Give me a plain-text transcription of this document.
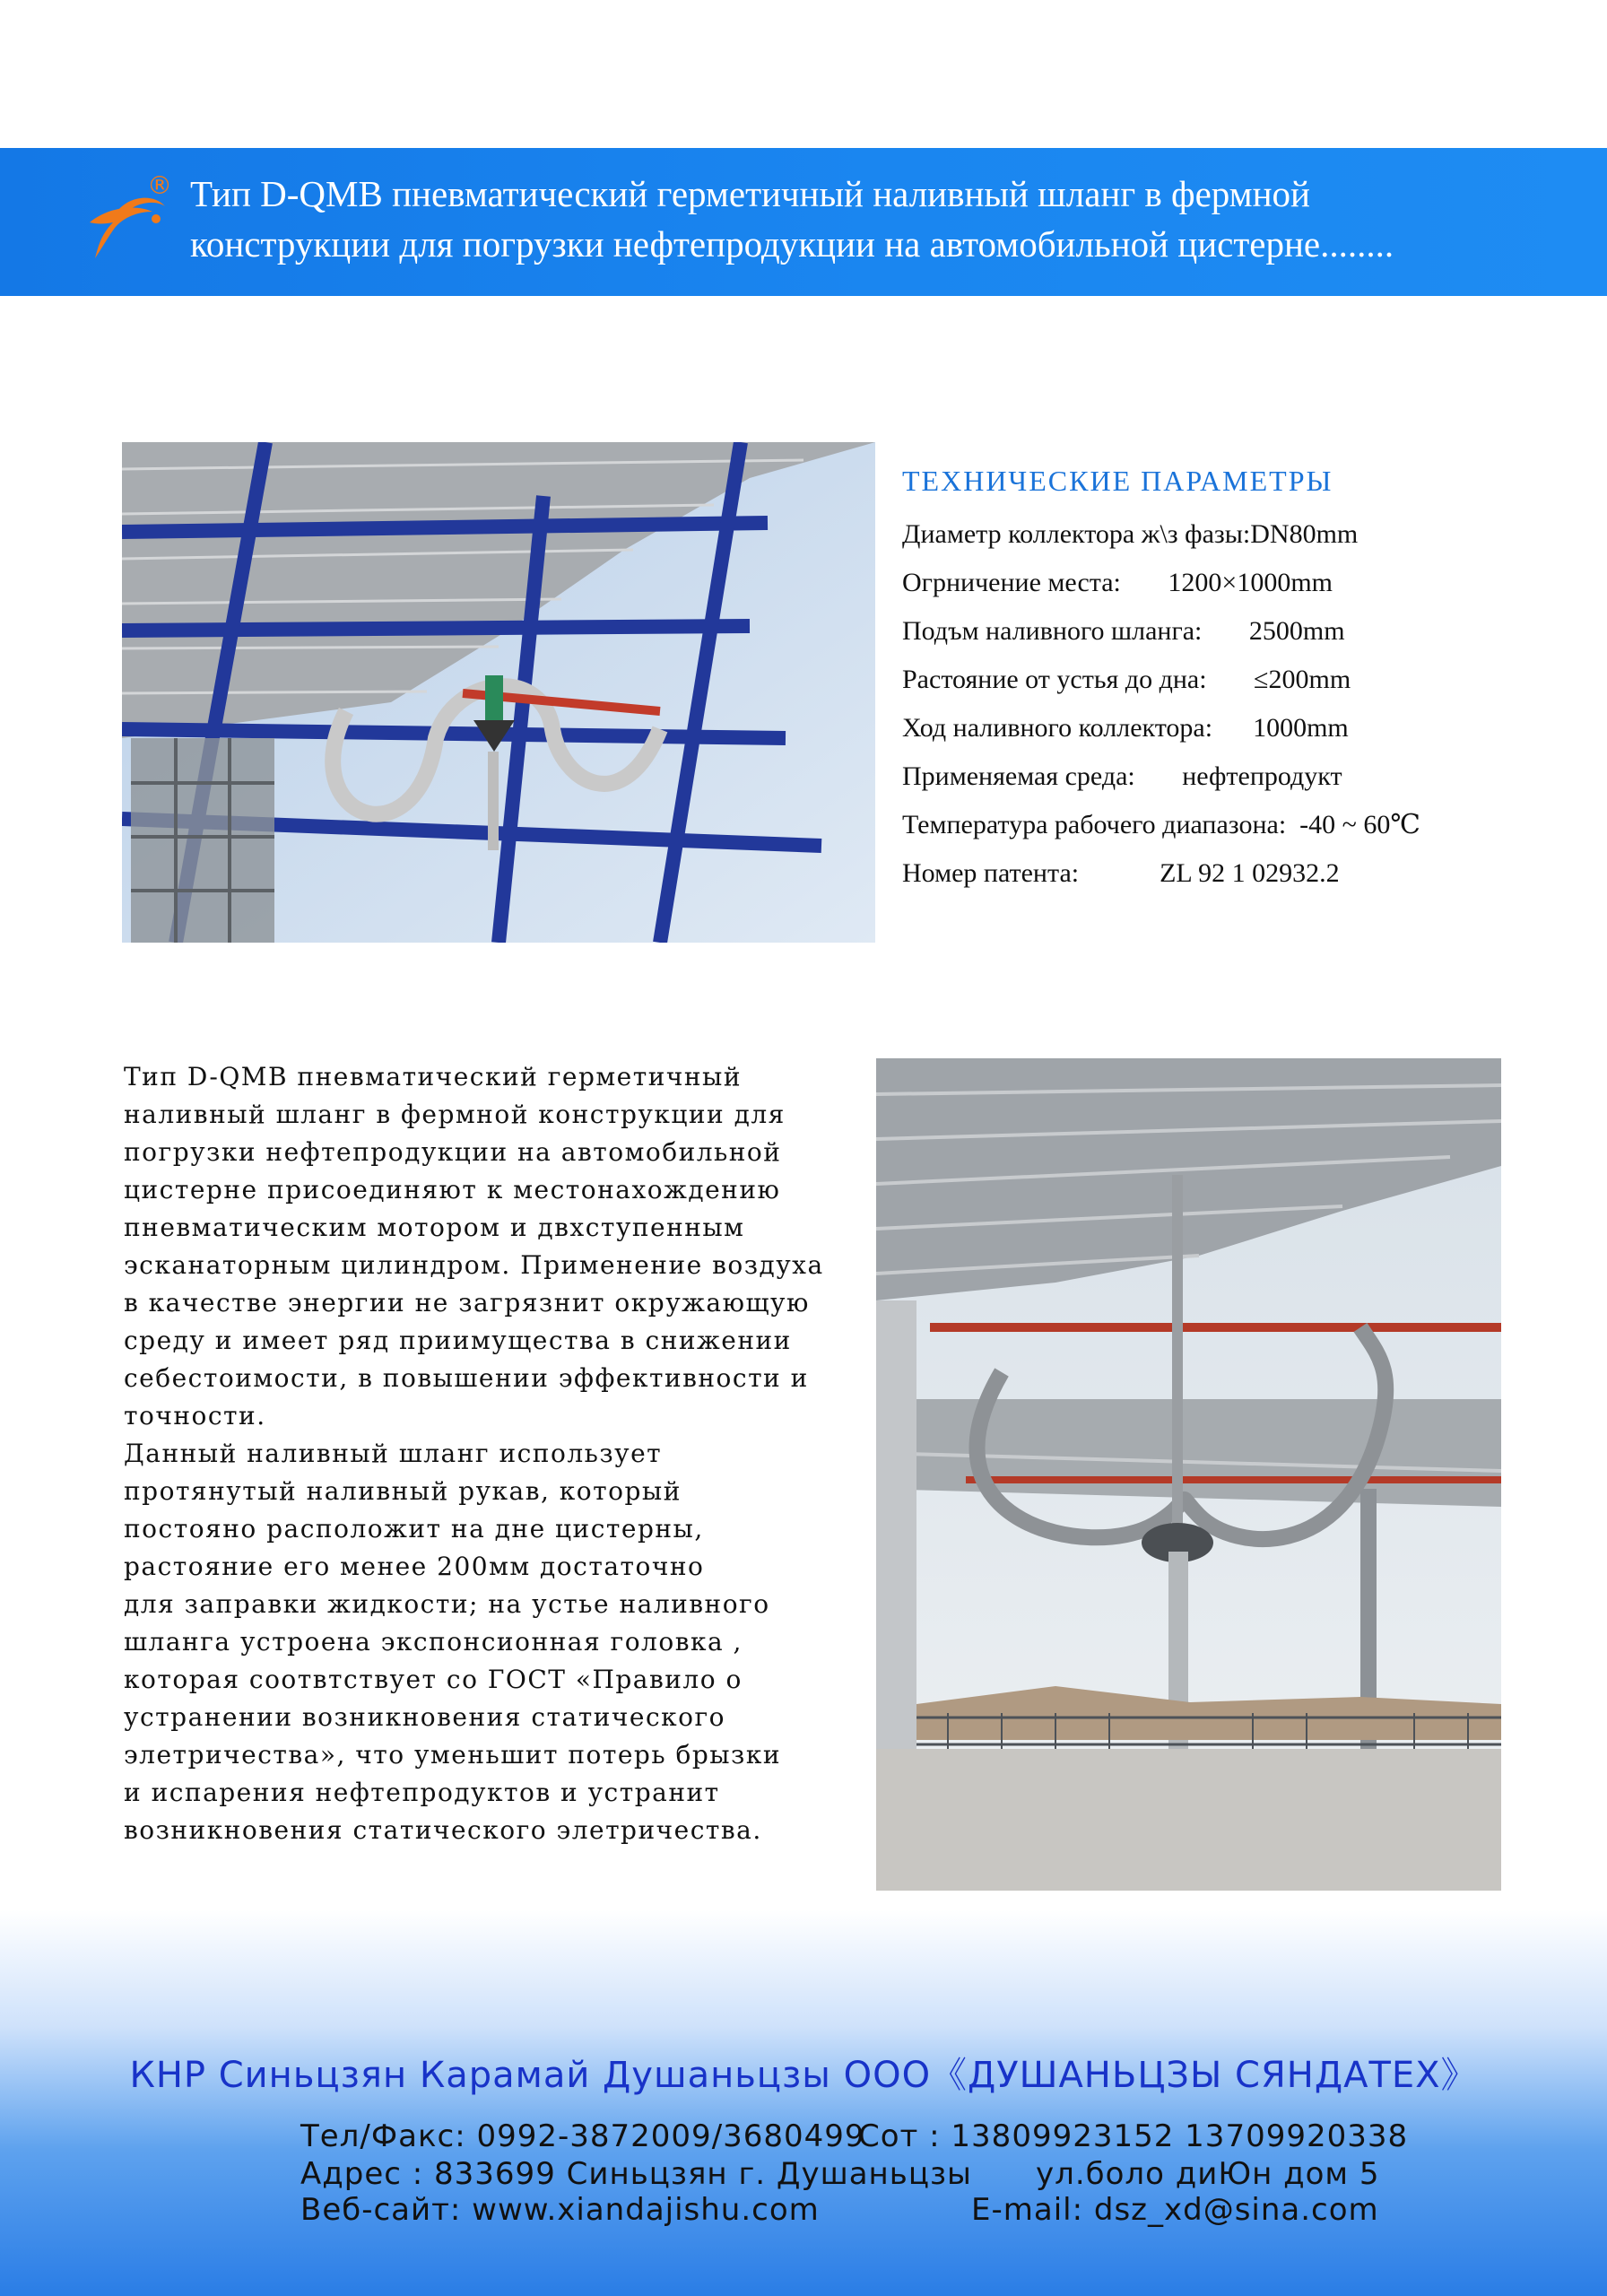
® Тип D-QMB пневматический герметичный наливный шланг в фермной
конструкции для погрузки нефтепродукции на автомобильной цистерне........
ТЕХНИЧЕСКИЕ ПАРАМЕТРЫ
Диаметр коллектора ж\з фазы:DN80mm
Огрничение места:       1200×1000mm
Подъм наливного шланга:       2500mm
Растояние от устья до дна:       ≤200mm
Ход наливного коллектора:      1000mm
Применяемая среда:       нефтепродукт
Температура рабочего диапазона:  -40 ~ 60℃
Номер патента:            ZL 92 1 02932.2
Тип D-QMB пневматический герметичный
наливный шланг в фермной конструкции для
погрузки нефтепродукции на автомобильной
цистерне присоединяют к местонахождению
пневматическим мотором и двхступенным
эсканаторным цилиндром. Применение воздуха
в качестве энергии не загрязнит окружающую
среду и имеет ряд приимущества в снижении
себестоимости, в повышении эффективности и
точности.
Данный наливный шланг использует
протянутый наливный рукав, который
постояно расположит на дне цистерны,
растояние его менее 200мм достаточно
для заправки жидкости; на устье наливного
шланга устроена экспонсионная головка ,
которая соотвтствует со ГОСТ «Правило о
устранении возникновения статического
элетричества», что уменьшит потерь брызки
и испарения нефтепродуктов и устранит
возникновения статического элетричества.
КНР Синьцзян Карамай Душаньцзы ООО《ДУШАНЬЦЗЫ СЯНДАТЕХ》
Тел/Факс: 0992-3872009/3680499
Сот : 13809923152 13709920338
Адрес : 833699 Синьцзян г. Душаньцзы ул.боло диЮн дом 5
Веб-сайт: www.xiandajishu.com	E-mail: dsz_xd@sina.com
